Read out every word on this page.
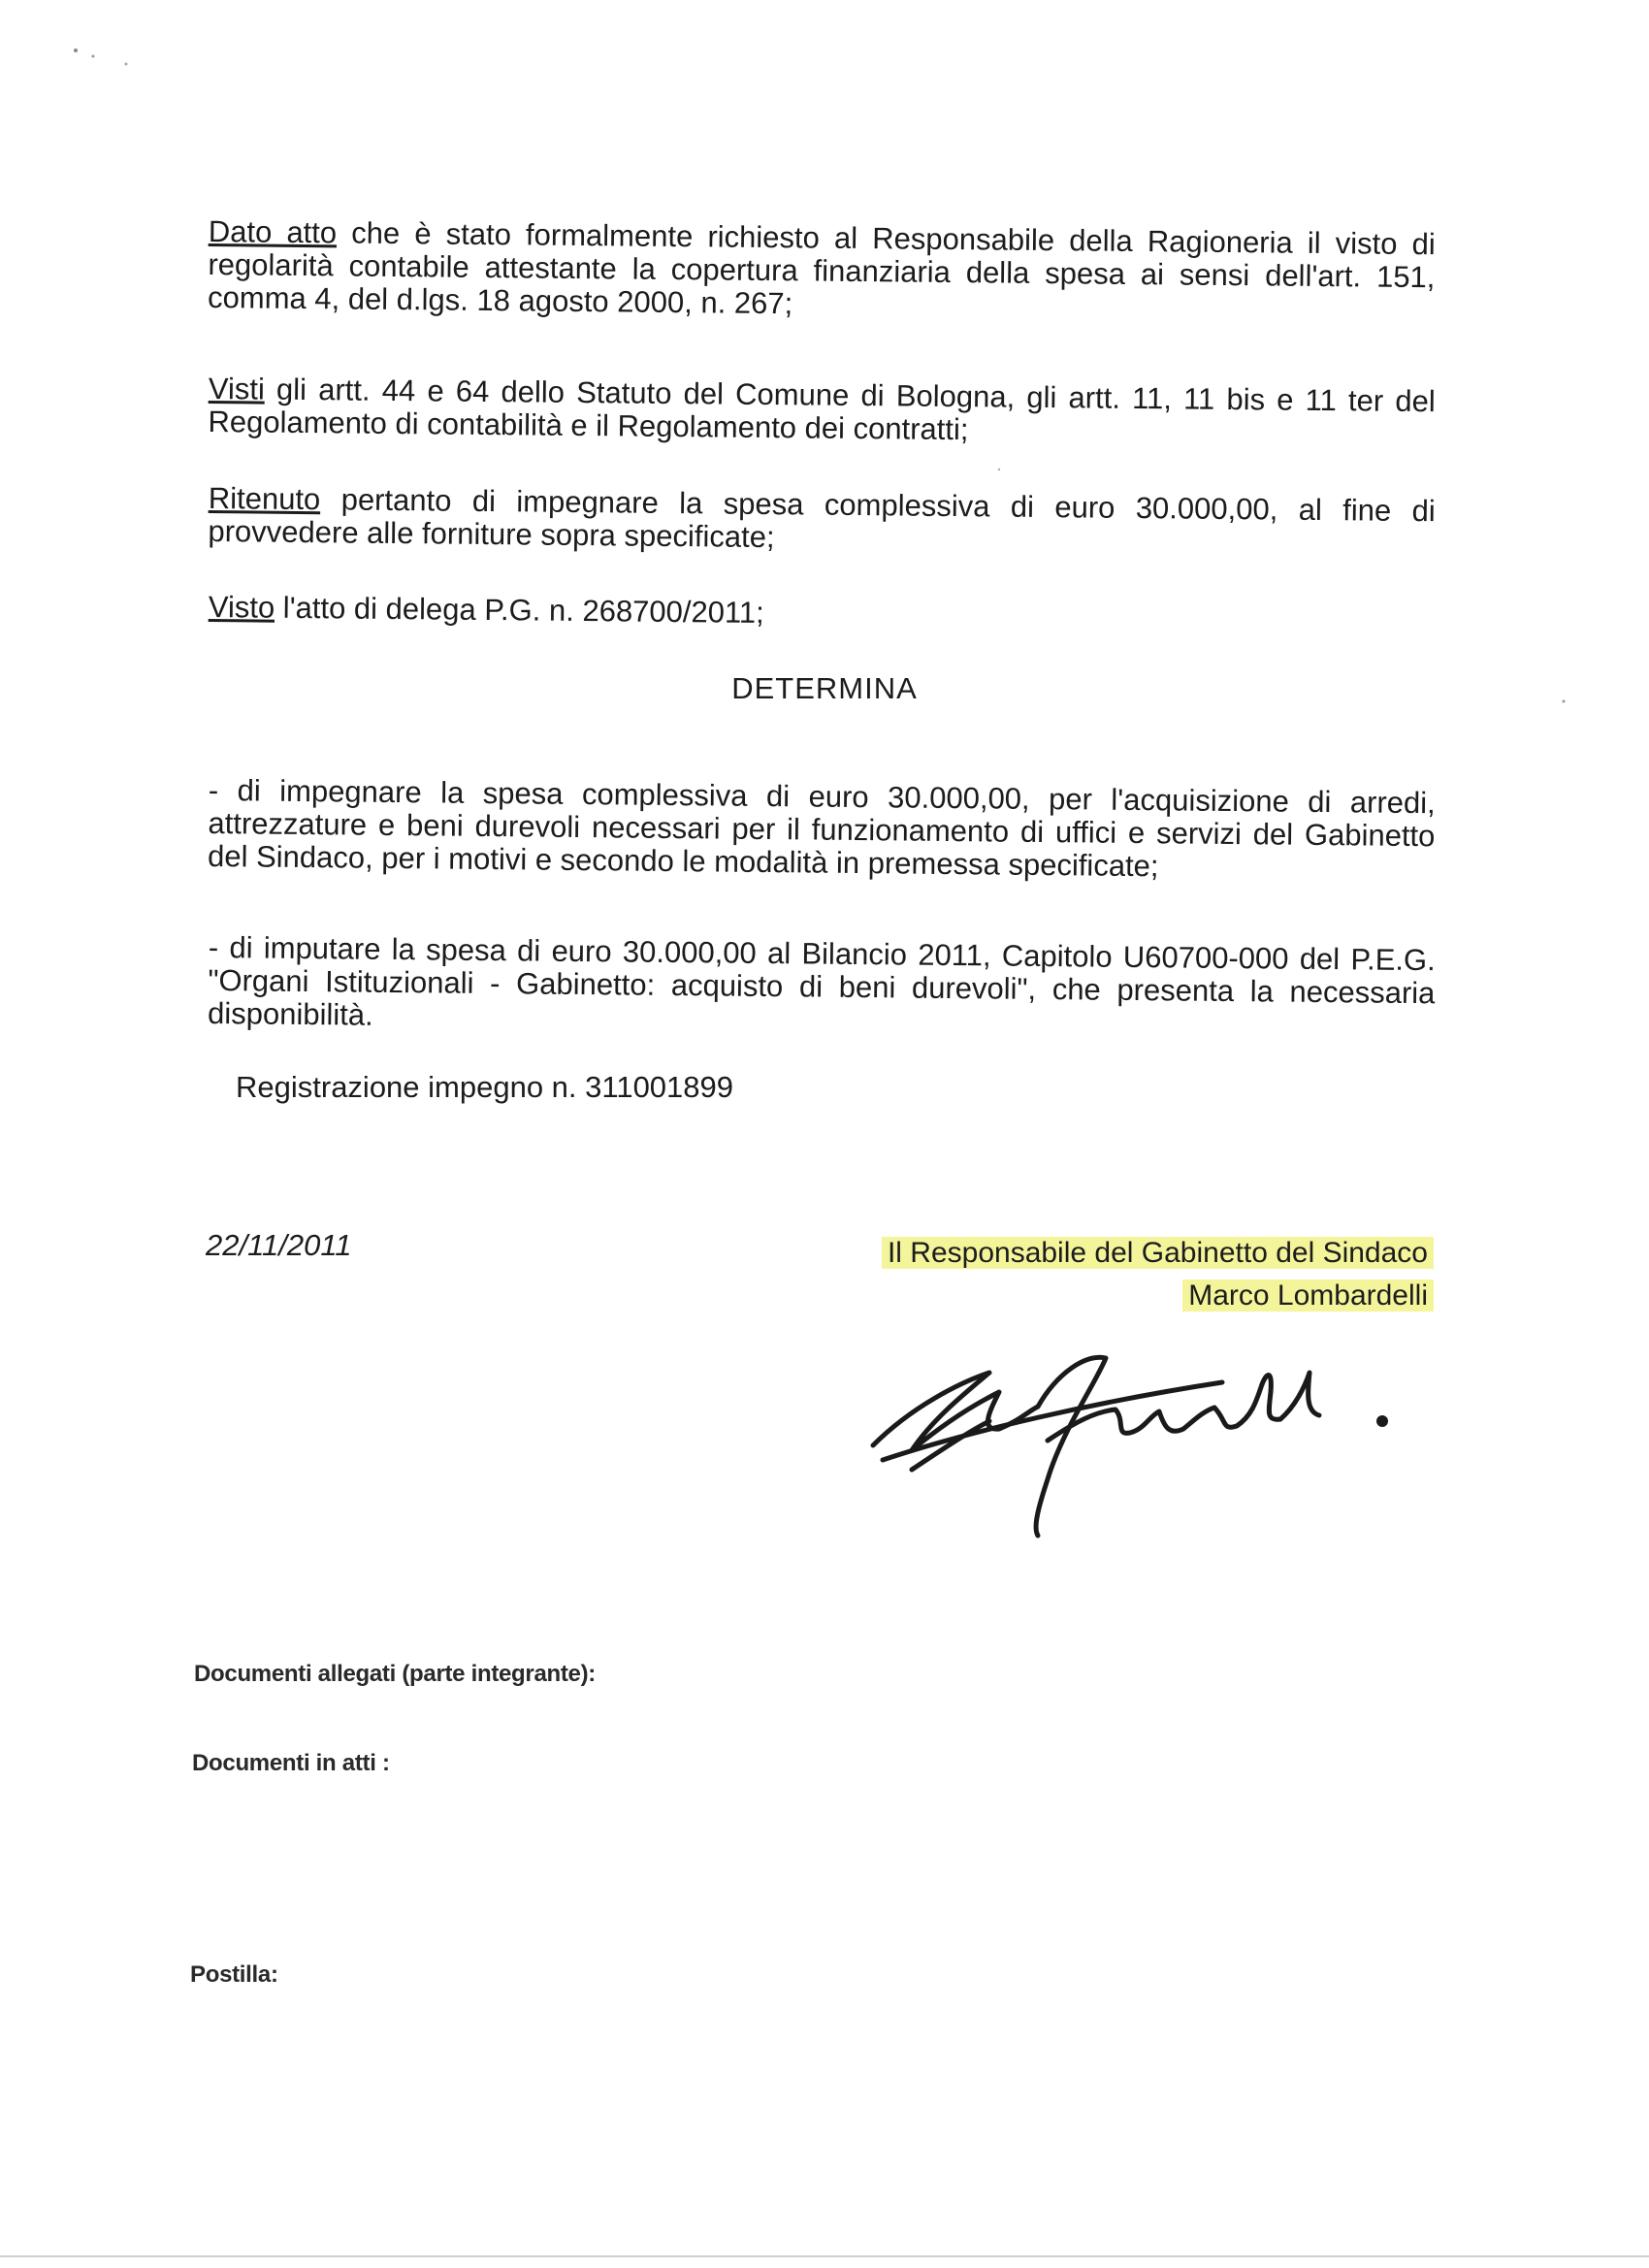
Dato atto che è stato formalmente richiesto al Responsabile della Ragioneria il visto di regolarità contabile attestante la copertura finanziaria della spesa ai sensi dell'art. 151, comma 4, del d.lgs. 18 agosto 2000, n. 267;
Visti gli artt. 44 e 64 dello Statuto del Comune di Bologna, gli artt. 11, 11 bis e 11 ter del Regolamento di contabilità e il Regolamento dei contratti;
Ritenuto pertanto di impegnare la spesa complessiva di euro 30.000,00, al fine di provvedere alle forniture sopra specificate;
Visto l'atto di delega P.G. n. 268700/2011;
DETERMINA
- di impegnare la spesa complessiva di euro 30.000,00, per l'acquisizione di arredi, attrezzature e beni durevoli necessari per il funzionamento di uffici e servizi del Gabinetto del Sindaco, per i motivi e secondo le modalità in premessa specificate;
- di imputare la spesa di euro 30.000,00 al Bilancio 2011, Capitolo U60700-000 del P.E.G. "Organi Istituzionali - Gabinetto: acquisto di beni durevoli", che presenta la necessaria disponibilità.
Registrazione impegno n. 311001899
22/11/2011	Il Responsabile del Gabinetto del Sindaco
Marco Lombardelli
Documenti allegati (parte integrante):
Documenti in atti :
Postilla:
